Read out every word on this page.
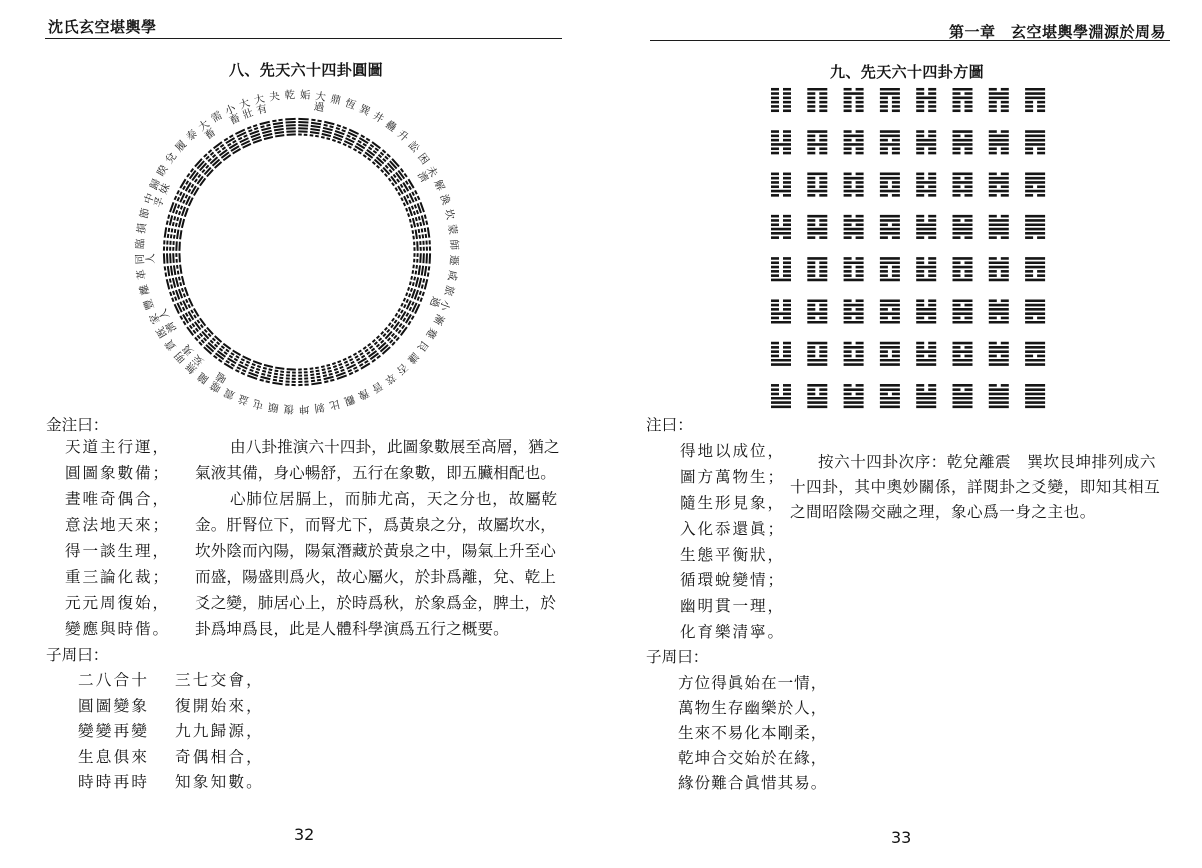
沈氏玄空堪輿學
八、先天六十四卦圓圖
乾
夬
大有
大壯
小畜
需
大畜
泰
履
兌
睽
歸妹
中孚
節
損
臨
同人
革
離
豐
家人
既濟
賁
明夷
無妄
隨
噬嗑
震 益 屯 頤 復
姤 大過 鼎 恆 巽
井
蠱
升
訟
困
未濟
解
渙
坎
蒙
師
遯
咸
旅
小過
漸
蹇
艮
謙
否
萃
晉
豫
觀
比
剝
坤
金注曰：
天道主行運，
圓圖象數備；
晝唯奇偶合，
意法地天來；
得一談生理，
重三論化裁；
元元周復始，
變應與時偕。
由八卦推演六十四卦，此圖象數展至高層，猶之
氣液其備，身心暢舒，五行在象數，即五臟相配也。
心肺位居膈上，而肺尤高，天之分也，故屬乾
金。肝腎位下，而腎尤下，爲黃泉之分，故屬坎水，
坎外陰而內陽，陽氣潛藏於黃泉之中，陽氣上升至心
而盛，陽盛則爲火，故心屬火，於卦爲離，兌、乾上
爻之變，肺居心上，於時爲秋，於象爲金，脾土，於
卦爲坤爲艮，此是人體科學演爲五行之概要。
子周曰：
二八合十
圓圖變象
變變再變
生息俱來
時時再時
三七交會，
復開始來，
九九歸源，
奇偶相合，
知象知數。
32
第一章　玄空堪輿學淵源於周易
九、先天六十四卦方圖
注曰：
得地以成位，
圖方萬物生；
隨生形見象，
入化忝還眞；
生態平衡狀，
循環蛻變情；
幽明貫一理，
化育樂清寧。
按六十四卦次序：乾兌離震　巽坎艮坤排列成六
十四卦，其中奧妙關係，詳閱卦之爻變，即知其相互
之間昭陰陽交融之理，象心爲一身之主也。
子周曰：
方位得眞始在一情，
萬物生存幽樂於人，
生來不易化本剛柔，
乾坤合交始於在緣，
緣份難合眞惜其易。
33
